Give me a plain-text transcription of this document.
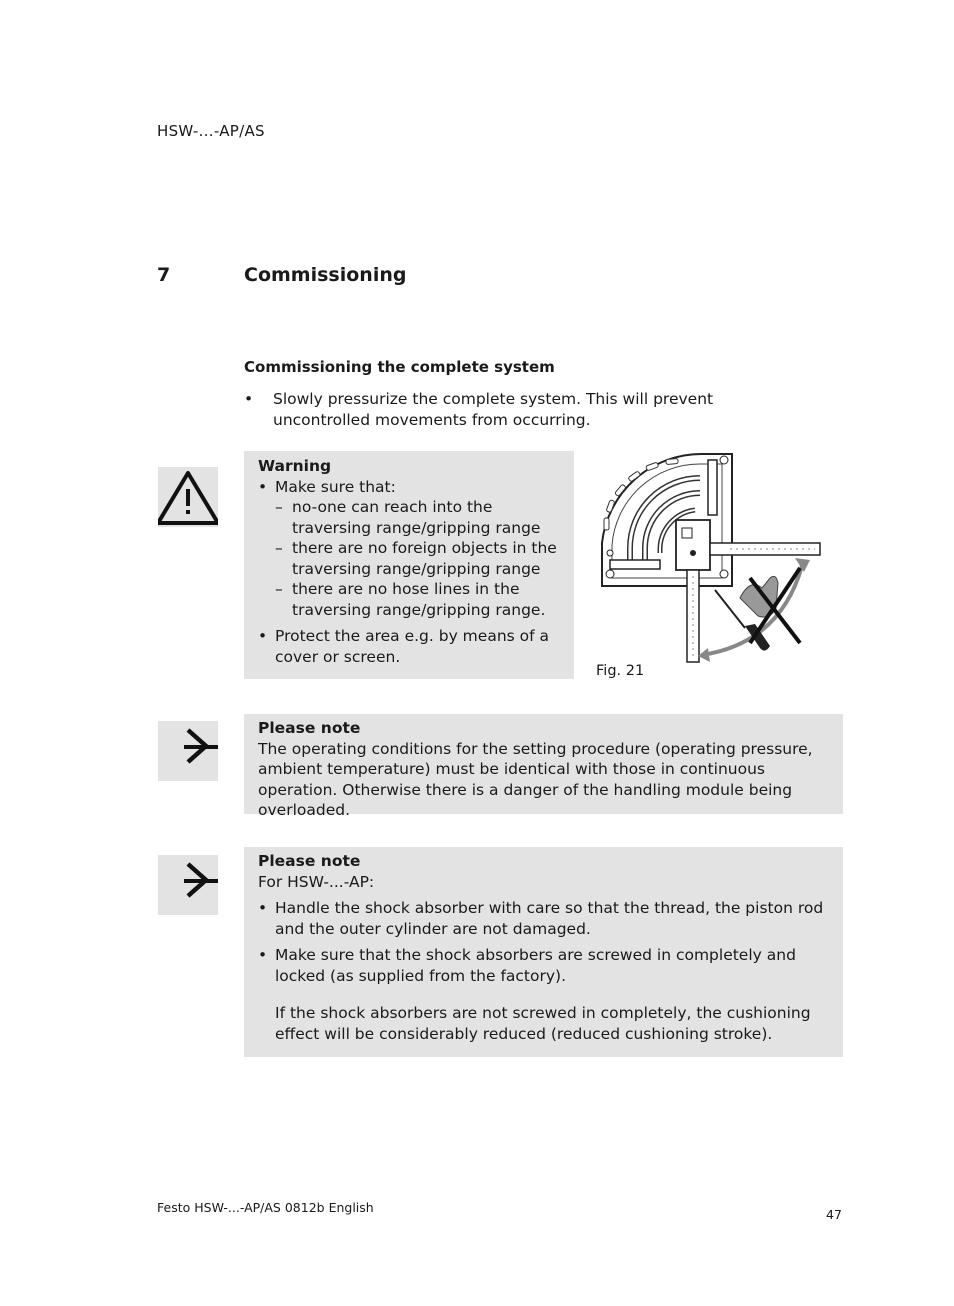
HSW-...-AP/AS
7	Commissioning
Commissioning the complete system
• Slowly pressurize the complete system. This will prevent uncontrolled movements from occurring.
Warning
• Make sure that:
– no-one can reach into the traversing range/gripping range
– there are no foreign objects in the traversing range/gripping range
– there are no hose lines in the traversing range/gripping range.
• Protect the area e.g. by means of a cover or screen.
Fig. 21
Please note
The operating conditions for the setting procedure (operating pressure, ambient temperature) must be identical with those in continuous operation. Otherwise there is a danger of the handling module being overloaded.
Please note
For HSW-...-AP:
• Handle the shock absorber with care so that the thread, the piston rod and the outer cylinder are not damaged.
• Make sure that the shock absorbers are screwed in completely and locked (as supplied from the factory).
If the shock absorbers are not screwed in completely, the cushioning effect will be considerably reduced (reduced cushioning stroke).
Festo HSW-...-AP/AS 0812b English	47
